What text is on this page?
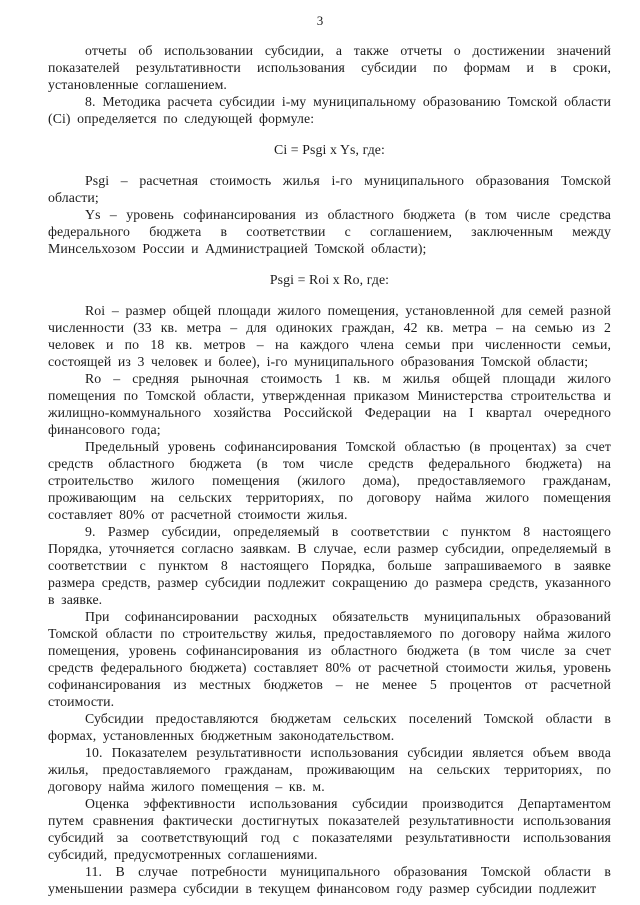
3

отчеты об использовании субсидии, а также отчеты о достижении значений показателей результативности использования субсидии по формам и в сроки, установленные соглашением.

8. Методика расчета субсидии i-му муниципальному образованию Томской области (Ci) определяется по следующей формуле:

Ci = Psgi x Ys, где:

Psgi – расчетная стоимость жилья i-го муниципального образования Томской области;

Ys – уровень софинансирования из областного бюджета (в том числе средства федерального бюджета в соответствии с соглашением, заключенным между Минсельхозом России и Администрацией Томской области);

Psgi = Roi x Ro, где:

Roi – размер общей площади жилого помещения, установленной для семей разной численности (33 кв. метра – для одиноких граждан, 42 кв. метра – на семью из 2 человек и по 18 кв. метров – на каждого члена семьи при численности семьи, состоящей из 3 человек и более), i-го муниципального образования Томской области;

Ro – средняя рыночная стоимость 1 кв. м жилья общей площади жилого помещения по Томской области, утвержденная приказом Министерства строительства и жилищно-коммунального хозяйства Российской Федерации на I квартал очередного финансового года;

Предельный уровень софинансирования Томской областью (в процентах) за счет средств областного бюджета (в том числе средств федерального бюджета) на строительство жилого помещения (жилого дома), предоставляемого гражданам, проживающим на сельских территориях, по договору найма жилого помещения составляет 80% от расчетной стоимости жилья.

9. Размер субсидии, определяемый в соответствии с пунктом 8 настоящего Порядка, уточняется согласно заявкам. В случае, если размер субсидии, определяемый в соответствии с пунктом 8 настоящего Порядка, больше запрашиваемого в заявке размера средств, размер субсидии подлежит сокращению до размера средств, указанного в заявке.

При софинансировании расходных обязательств муниципальных образований Томской области по строительству жилья, предоставляемого по договору найма жилого помещения, уровень софинансирования из областного бюджета (в том числе за счет средств федерального бюджета) составляет 80% от расчетной стоимости жилья, уровень софинансирования из местных бюджетов – не менее 5 процентов от расчетной стоимости.

Субсидии предоставляются бюджетам сельских поселений Томской области в формах, установленных бюджетным законодательством.

10. Показателем результативности использования субсидии является объем ввода жилья, предоставляемого гражданам, проживающим на сельских территориях, по договору найма жилого помещения – кв. м.

Оценка эффективности использования субсидии производится Департаментом путем сравнения фактически достигнутых показателей результативности использования субсидий за соответствующий год с показателями результативности использования субсидий, предусмотренных соглашениями.

11. В случае потребности муниципального образования Томской области в уменьшении размера субсидии в текущем финансовом году размер субсидии подлежит
